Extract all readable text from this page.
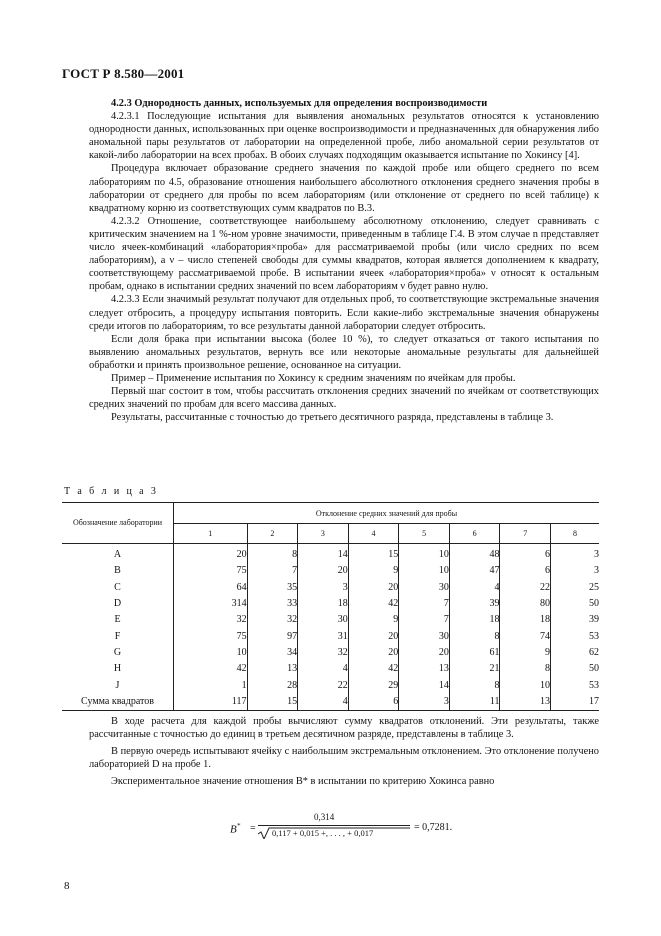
ГОСТ Р 8.580—2001

4.2.3 Однородность данных, используемых для определения воспроизводимости

4.2.3.1 Последующие испытания для выявления аномальных результатов относятся к установлению однородности данных, использованных при оценке воспроизводимости и предназначенных для обнаружения либо аномальной пары результатов от лаборатории на определенной пробе, либо аномальной серии результатов от какой-либо лаборатории на всех пробах. В обоих случаях подходящим оказывается испытание по Хокинсу [4].

Процедура включает образование среднего значения по каждой пробе или общего среднего по всем лабораториям по 4.5, образование отношения наибольшего абсолютного отклонения среднего значения пробы в лаборатории от среднего для пробы по всем лабораториям (или отклонение от среднего по всей таблице) к квадратному корню из соответствующих сумм квадратов по В.3.

4.2.3.2 Отношение, соответствующее наибольшему абсолютному отклонению, следует сравнивать с критическим значением на 1 %-ном уровне значимости, приведенным в таблице Г.4. В этом случае n представляет число ячеек-комбинаций «лаборатория×проба» для рассматриваемой пробы (или число средних по всем лабораториям), а ν – число степеней свободы для суммы квадратов, которая является дополнением к квадрату, соответствующему рассматриваемой пробе. В испытании ячеек «лаборатория×проба» ν относят к остальным пробам, однако в испытании средних значений по всем лабораториям ν будет равно нулю.

4.2.3.3 Если значимый результат получают для отдельных проб, то соответствующие экстремальные значения следует отбросить, а процедуру испытания повторить. Если какие-либо экстремальные значения обнаружены среди итогов по лабораториям, то все результаты данной лаборатории следует отбросить.

Если доля брака при испытании высока (более 10 %), то следует отказаться от такого испытания по выявлению аномальных результатов, вернуть все или некоторые аномальные результаты для дальнейшей обработки и принять произвольное решение, основанное на ситуации.

Пример – Применение испытания по Хокинсу к средним значениям по ячейкам для пробы.

Первый шаг состоит в том, чтобы рассчитать отклонения средних значений по ячейкам от соответствующих средних значений по пробам для всего массива данных.

Результаты, рассчитанные с точностью до третьего десятичного разряда, представлены в таблице 3.

Т а б л и ц а 3
Обозначение лаборатории	Отклонение средних значений для пробы							
	1	2	3	4	5	6	7	8
A	20	8	14	15	10	48	6	3
B	75	7	20	9	10	47	6	3
C	64	35	3	20	30	4	22	25
D	314	33	18	42	7	39	80	50
E	32	32	30	9	7	18	18	39
F	75	97	31	20	30	8	74	53
G	10	34	32	20	20	61	9	62
H	42	13	4	42	13	21	8	50
J	1	28	22	29	14	8	10	53
Сумма квадратов	117	15	4	6	3	11	13	17

В ходе расчета для каждой пробы вычисляют сумму квадратов отклонений. Эти результаты, также рассчитанные с точностью до единиц в третьем десятичном разряде, представлены в таблице 3.

В первую очередь испытывают ячейку с наибольшим экстремальным отклонением. Это отклонение получено лабораторией D на пробе 1.

Экспериментальное значение отношения B* в испытании по критерию Хокинса равно

B* =
0,314
0,117 + 0,015 +, . . . , + 0,017	= 0,7281.
8
